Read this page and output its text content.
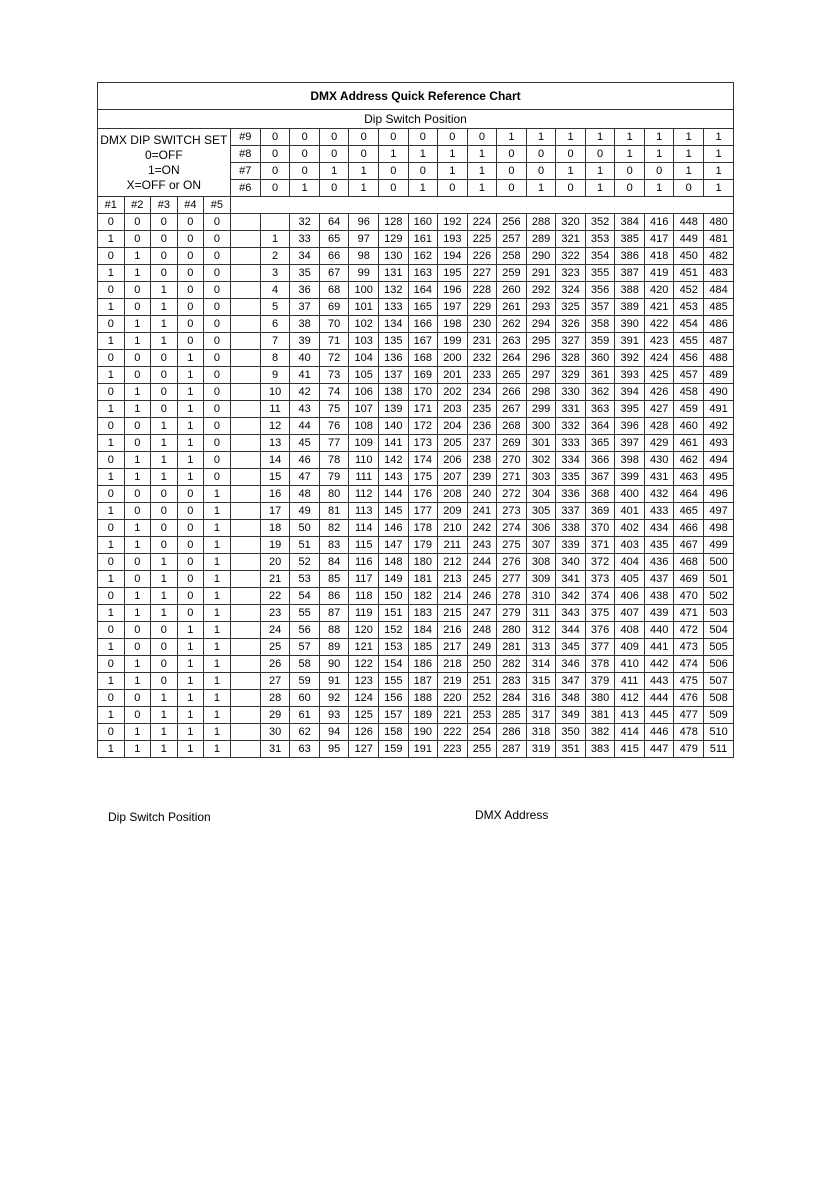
DMX Address Quick Reference Chart																					
Dip Switch Position																					

DMX DIP SWITCH SET
0=OFF
1=ON
X=OFF or ON					#9	0	0	0	0	0	0	0	0	1	1	1	1	1	1	1	1
					#8	0	0	0	0	1	1	1	1	0	0	0	0	1	1	1	1
					#7	0	0	1	1	0	0	1	1	0	0	1	1	0	0	1	1
					#6	0	1	0	1	0	1	0	1	0	1	0	1	0	1	0	1
#1	#2	#3	#4	#5																	
0	0	0	0	0			32	64	96	128	160	192	224	256	288	320	352	384	416	448	480
1	0	0	0	0		1	33	65	97	129	161	193	225	257	289	321	353	385	417	449	481
0	1	0	0	0		2	34	66	98	130	162	194	226	258	290	322	354	386	418	450	482
1	1	0	0	0		3	35	67	99	131	163	195	227	259	291	323	355	387	419	451	483
0	0	1	0	0		4	36	68	100	132	164	196	228	260	292	324	356	388	420	452	484
1	0	1	0	0		5	37	69	101	133	165	197	229	261	293	325	357	389	421	453	485
0	1	1	0	0		6	38	70	102	134	166	198	230	262	294	326	358	390	422	454	486
1	1	1	0	0		7	39	71	103	135	167	199	231	263	295	327	359	391	423	455	487
0	0	0	1	0		8	40	72	104	136	168	200	232	264	296	328	360	392	424	456	488
1	0	0	1	0		9	41	73	105	137	169	201	233	265	297	329	361	393	425	457	489
0	1	0	1	0		10	42	74	106	138	170	202	234	266	298	330	362	394	426	458	490
1	1	0	1	0		11	43	75	107	139	171	203	235	267	299	331	363	395	427	459	491
0	0	1	1	0		12	44	76	108	140	172	204	236	268	300	332	364	396	428	460	492
1	0	1	1	0		13	45	77	109	141	173	205	237	269	301	333	365	397	429	461	493
0	1	1	1	0		14	46	78	110	142	174	206	238	270	302	334	366	398	430	462	494
1	1	1	1	0		15	47	79	111	143	175	207	239	271	303	335	367	399	431	463	495
0	0	0	0	1		16	48	80	112	144	176	208	240	272	304	336	368	400	432	464	496
1	0	0	0	1		17	49	81	113	145	177	209	241	273	305	337	369	401	433	465	497
0	1	0	0	1		18	50	82	114	146	178	210	242	274	306	338	370	402	434	466	498
1	1	0	0	1		19	51	83	115	147	179	211	243	275	307	339	371	403	435	467	499
0	0	1	0	1		20	52	84	116	148	180	212	244	276	308	340	372	404	436	468	500
1	0	1	0	1		21	53	85	117	149	181	213	245	277	309	341	373	405	437	469	501
0	1	1	0	1		22	54	86	118	150	182	214	246	278	310	342	374	406	438	470	502
1	1	1	0	1		23	55	87	119	151	183	215	247	279	311	343	375	407	439	471	503
0	0	0	1	1		24	56	88	120	152	184	216	248	280	312	344	376	408	440	472	504
1	0	0	1	1		25	57	89	121	153	185	217	249	281	313	345	377	409	441	473	505
0	1	0	1	1		26	58	90	122	154	186	218	250	282	314	346	378	410	442	474	506
1	1	0	1	1		27	59	91	123	155	187	219	251	283	315	347	379	411	443	475	507
0	0	1	1	1		28	60	92	124	156	188	220	252	284	316	348	380	412	444	476	508
1	0	1	1	1		29	61	93	125	157	189	221	253	285	317	349	381	413	445	477	509
0	1	1	1	1		30	62	94	126	158	190	222	254	286	318	350	382	414	446	478	510
1	1	1	1	1		31	63	95	127	159	191	223	255	287	319	351	383	415	447	479	511
Dip Switch Position	DMX Address
